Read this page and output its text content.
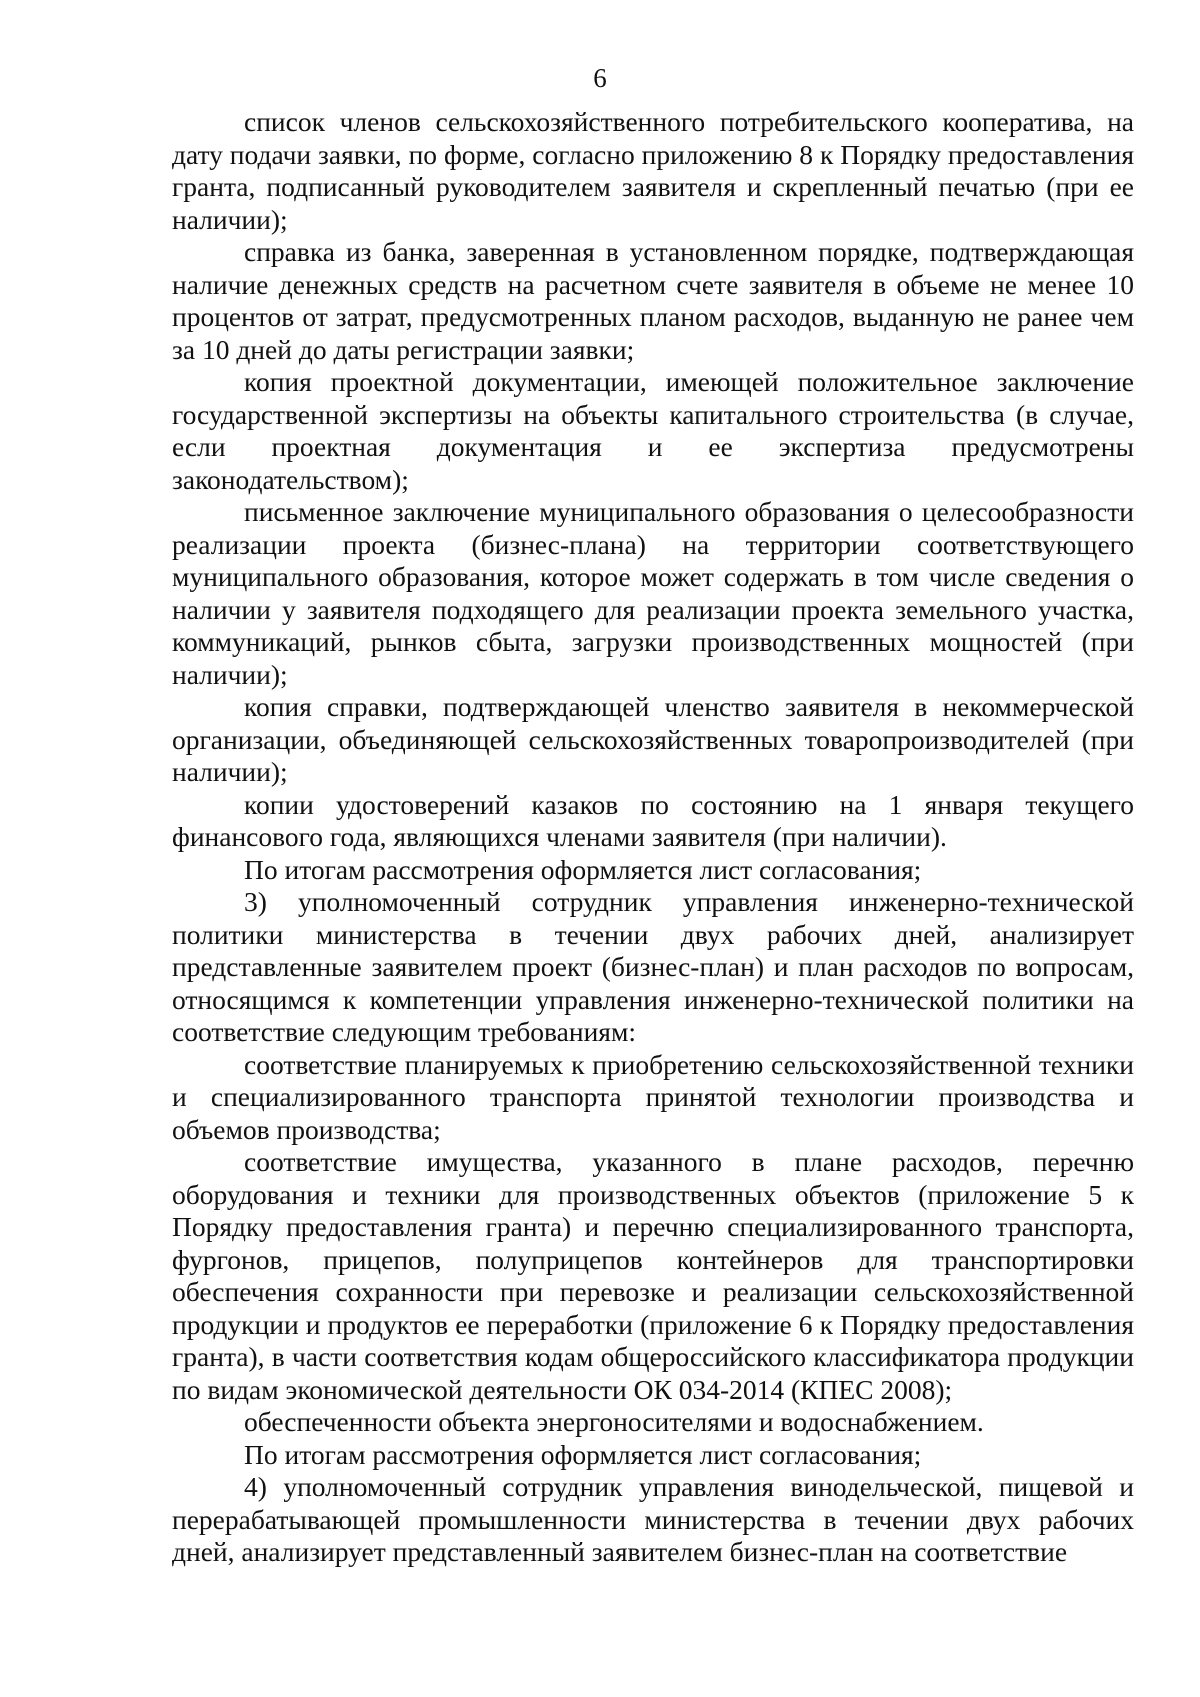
6

список членов сельскохозяйственного потребительского кооператива, на дату подачи заявки, по форме, согласно приложению 8 к Порядку предоставления гранта, подписанный руководителем заявителя и скрепленный печатью (при ее наличии);

справка из банка, заверенная в установленном порядке, подтверждающая наличие денежных средств на расчетном счете заявителя в объеме не менее 10 процентов от затрат, предусмотренных планом расходов, выданную не ранее чем за 10 дней до даты регистрации заявки;

копия проектной документации, имеющей положительное заключение государственной экспертизы на объекты капитального строительства (в случае, если проектная документация и ее экспертиза предусмотрены законодательством);

письменное заключение муниципального образования о целесообразности реализации проекта (бизнес-плана) на территории соответствующего муниципального образования, которое может содержать в том числе сведения о наличии у заявителя подходящего для реализации проекта земельного участка, коммуникаций, рынков сбыта, загрузки производственных мощностей (при наличии);

копия справки, подтверждающей членство заявителя в некоммерческой организации, объединяющей сельскохозяйственных товаропроизводителей (при наличии);

копии удостоверений казаков по состоянию на 1 января текущего финансового года, являющихся членами заявителя (при наличии).

По итогам рассмотрения оформляется лист согласования;

3) уполномоченный сотрудник управления инженерно-технической политики министерства в течении двух рабочих дней, анализирует представленные заявителем проект (бизнес-план) и план расходов по вопросам, относящимся к компетенции управления инженерно-технической политики на соответствие следующим требованиям:

соответствие планируемых к приобретению сельскохозяйственной техники и специализированного транспорта принятой технологии производства и объемов производства;

соответствие имущества, указанного в плане расходов, перечню оборудования и техники для производственных объектов (приложение 5 к Порядку предоставления гранта) и перечню специализированного транспорта, фургонов, прицепов, полуприцепов контейнеров для транспортировки обеспечения сохранности при перевозке и реализации сельскохозяйственной продукции и продуктов ее переработки (приложение 6 к Порядку предоставления гранта), в части соответствия кодам общероссийского классификатора продукции по видам экономической деятельности ОК 034-2014 (КПЕС 2008);

обеспеченности объекта энергоносителями и водоснабжением.

По итогам рассмотрения оформляется лист согласования;

4) уполномоченный сотрудник управления винодельческой, пищевой и перерабатывающей промышленности министерства в течении двух рабочих дней, анализирует представленный заявителем бизнес-план на соответствие
